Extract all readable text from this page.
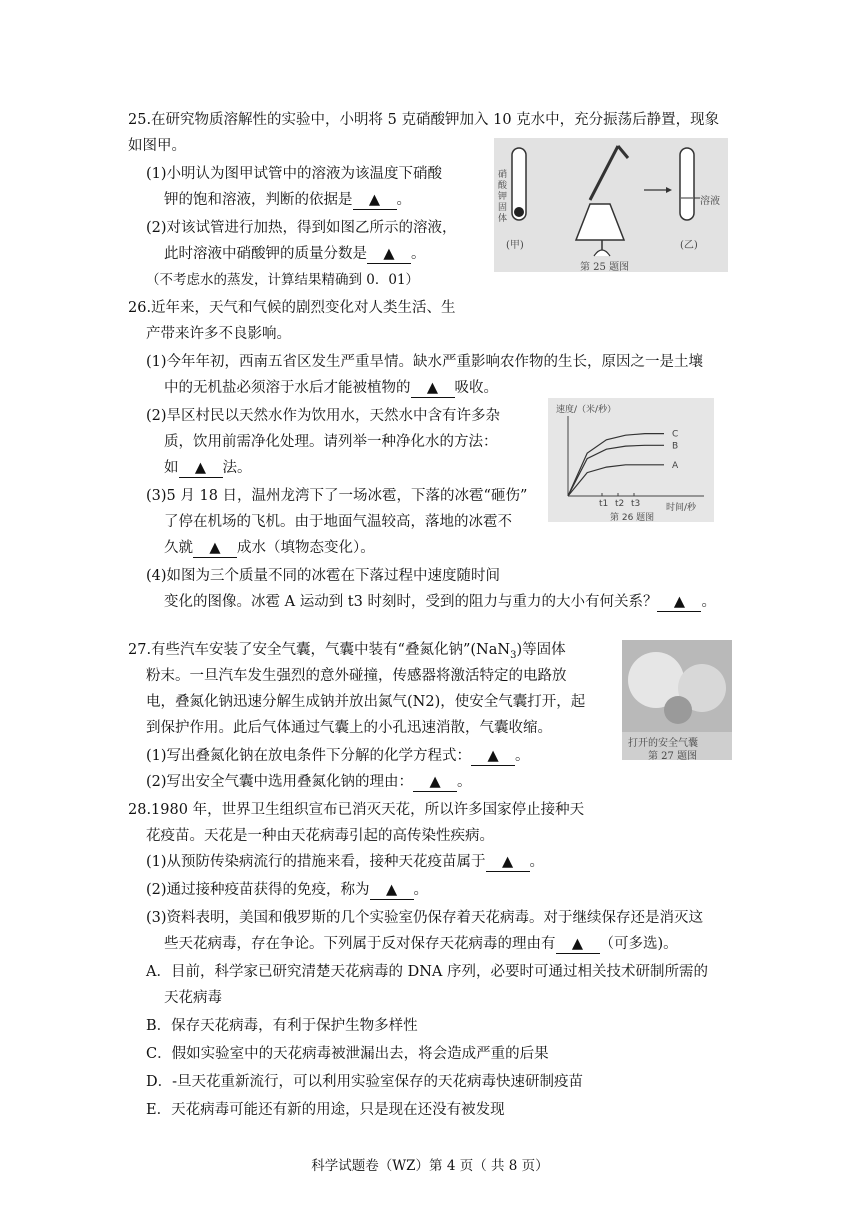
25.在研究物质溶解性的实验中，小明将 5 克硝酸钾加入 10 克水中，充分振荡后静置，现象
如图甲。
(1)小明认为图甲试管中的溶液为该温度下硝酸
钾的饱和溶液，判断的依据是 ▲ 。
(2)对该试管进行加热，得到如图乙所示的溶液，
此时溶液中硝酸钾的质量分数是 ▲ 。
（不考虑水的蒸发，计算结果精确到 0．01）
硝酸钾固体
(甲)
溶液
(乙)
第 25 题图
26.近年来，天气和气候的剧烈变化对人类生活、生
产带来许多不良影响。
(1)今年年初，西南五省区发生严重旱情。缺水严重影响农作物的生长，原因之一是土壤
中的无机盐必须溶于水后才能被植物的 ▲ 吸收。
(2)旱区村民以天然水作为饮用水，天然水中含有许多杂
质，饮用前需净化处理。请列举一种净化水的方法：
如 ▲ 法。
(3)5 月 18 日，温州龙湾下了一场冰雹，下落的冰雹“砸伤”
了停在机场的飞机。由于地面气温较高，落地的冰雹不
久就 ▲ 成水（填物态变化）。
(4)如图为三个质量不同的冰雹在下落过程中速度随时间
变化的图像。冰雹 A 运动到 t3 时刻时，受到的阻力与重力的大小有何关系？ ▲ 。
速度/（米/秒）
时间/秒
第 26 题图
C
B
A
t1 t2 t3
27.有些汽车安装了安全气囊，气囊中装有“叠氮化钠”(NaN$_3$)等固体
粉末。一旦汽车发生强烈的意外碰撞，传感器将激活特定的电路放
电，叠氮化钠迅速分解生成钠并放出氮气(N2)，使安全气囊打开，起
到保护作用。此后气体通过气囊上的小孔迅速消散，气囊收缩。
(1)写出叠氮化钠在放电条件下分解的化学方程式： ▲ 。
(2)写出安全气囊中选用叠氮化钠的理由： ▲ 。
打开的安全气囊
第 27 题图
28.1980 年，世界卫生组织宣布已消灭天花，所以许多国家停止接种天
花疫苗。天花是一种由天花病毒引起的高传染性疾病。
(1)从预防传染病流行的措施来看，接种天花疫苗属于 ▲ 。
(2)通过接种疫苗获得的免疫，称为 ▲ 。
(3)资料表明，美国和俄罗斯的几个实验室仍保存着天花病毒。对于继续保存还是消灭这
些天花病毒，存在争论。下列属于反对保存天花病毒的理由有 ▲ （可多选)。
A．目前，科学家已研究清楚天花病毒的 DNA 序列，必要时可通过相关技术研制所需的
天花病毒
B．保存天花病毒，有利于保护生物多样性
C．假如实验室中的天花病毒被泄漏出去，将会造成严重的后果
D．-旦天花重新流行，可以利用实验室保存的天花病毒快速研制疫苗
E．天花病毒可能还有新的用途，只是现在还没有被发现
科学试题卷（WZ）第 4 页（ 共 8 页）
